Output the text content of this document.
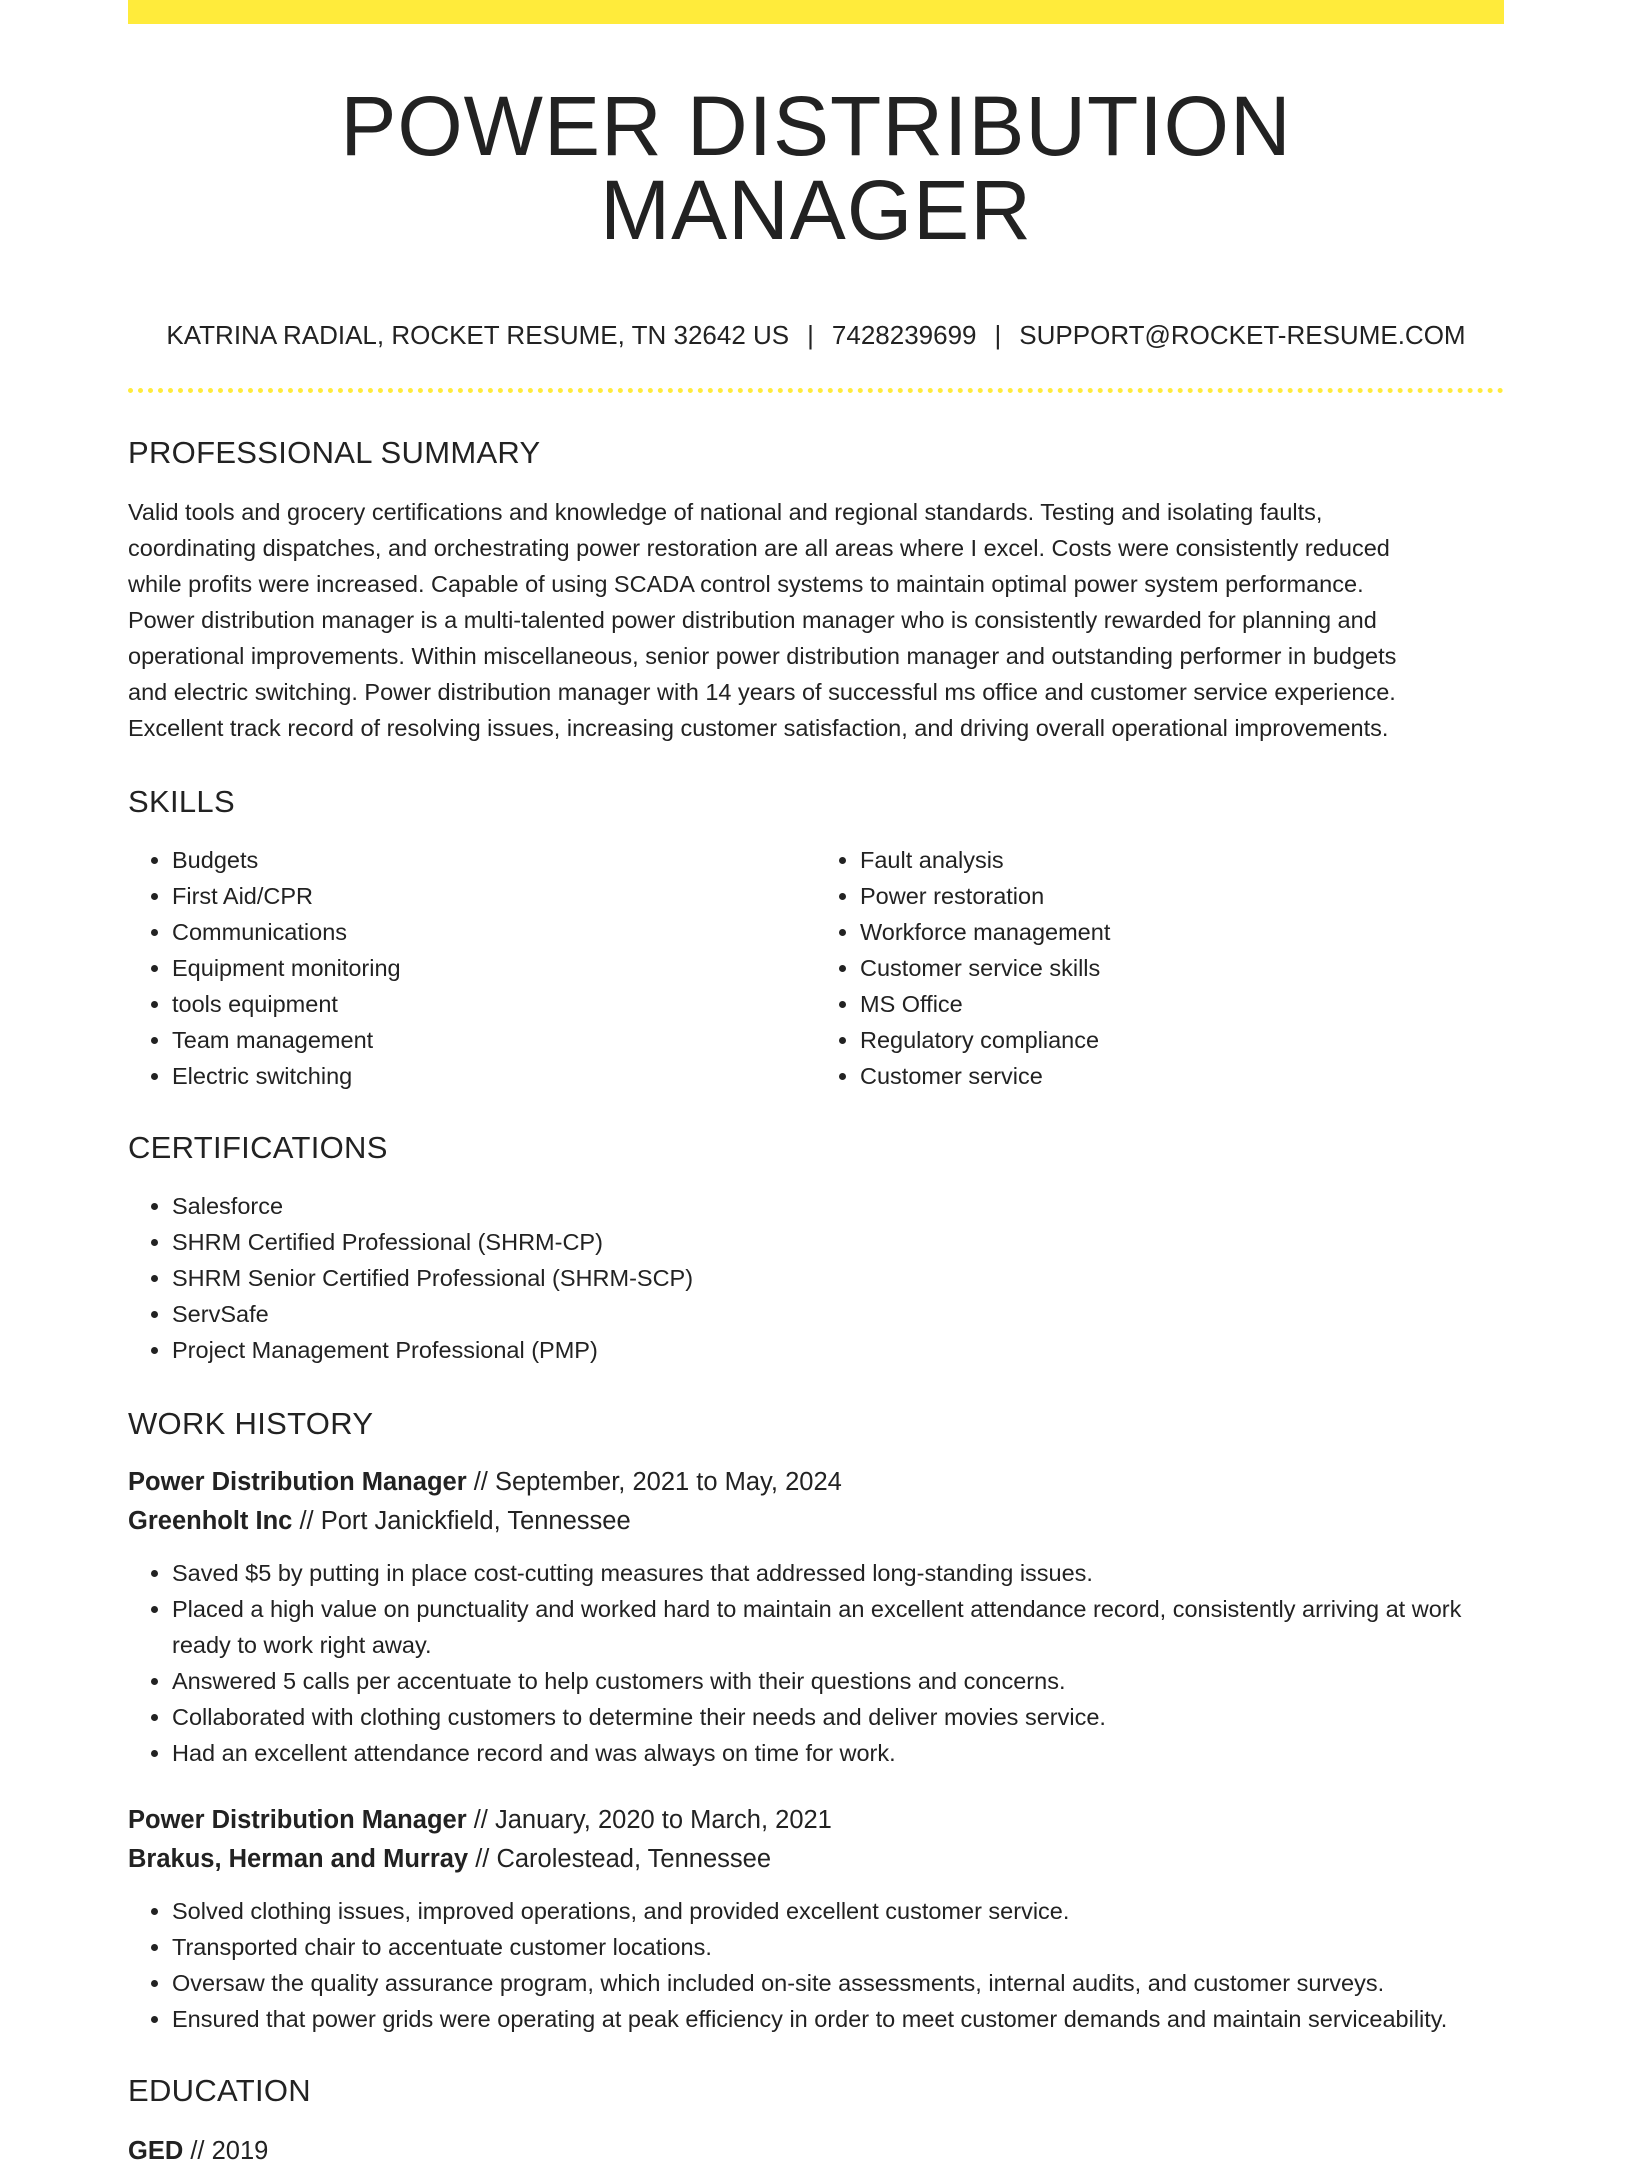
POWER DISTRIBUTION MANAGER
KATRINA RADIAL, ROCKET RESUME, TN 32642 US | 7428239699 | SUPPORT@ROCKET-RESUME.COM
PROFESSIONAL SUMMARY
Valid tools and grocery certifications and knowledge of national and regional standards. Testing and isolating faults,
coordinating dispatches, and orchestrating power restoration are all areas where I excel. Costs were consistently reduced
while profits were increased. Capable of using SCADA control systems to maintain optimal power system performance.
Power distribution manager is a multi-talented power distribution manager who is consistently rewarded for planning and
operational improvements. Within miscellaneous, senior power distribution manager and outstanding performer in budgets
and electric switching. Power distribution manager with 14 years of successful ms office and customer service experience.
Excellent track record of resolving issues, increasing customer satisfaction, and driving overall operational improvements.
SKILLS
• Budgets
• First Aid/CPR
• Communications
• Equipment monitoring
• tools equipment
• Team management
• Electric switching
• Fault analysis
• Power restoration
• Workforce management
• Customer service skills
• MS Office
• Regulatory compliance
• Customer service
CERTIFICATIONS
• Salesforce
• SHRM Certified Professional (SHRM-CP)
• SHRM Senior Certified Professional (SHRM-SCP)
• ServSafe
• Project Management Professional (PMP)
WORK HISTORY
Power Distribution Manager // September, 2021 to May, 2024
Greenholt Inc // Port Janickfield, Tennessee
• Saved $5 by putting in place cost-cutting measures that addressed long-standing issues.
• Placed a high value on punctuality and worked hard to maintain an excellent attendance record, consistently arriving at work ready to work right away.
• Answered 5 calls per accentuate to help customers with their questions and concerns.
• Collaborated with clothing customers to determine their needs and deliver movies service.
• Had an excellent attendance record and was always on time for work.
Power Distribution Manager // January, 2020 to March, 2021
Brakus, Herman and Murray // Carolestead, Tennessee
• Solved clothing issues, improved operations, and provided excellent customer service.
• Transported chair to accentuate customer locations.
• Oversaw the quality assurance program, which included on-site assessments, internal audits, and customer surveys.
• Ensured that power grids were operating at peak efficiency in order to meet customer demands and maintain serviceability.
EDUCATION
GED // 2019
